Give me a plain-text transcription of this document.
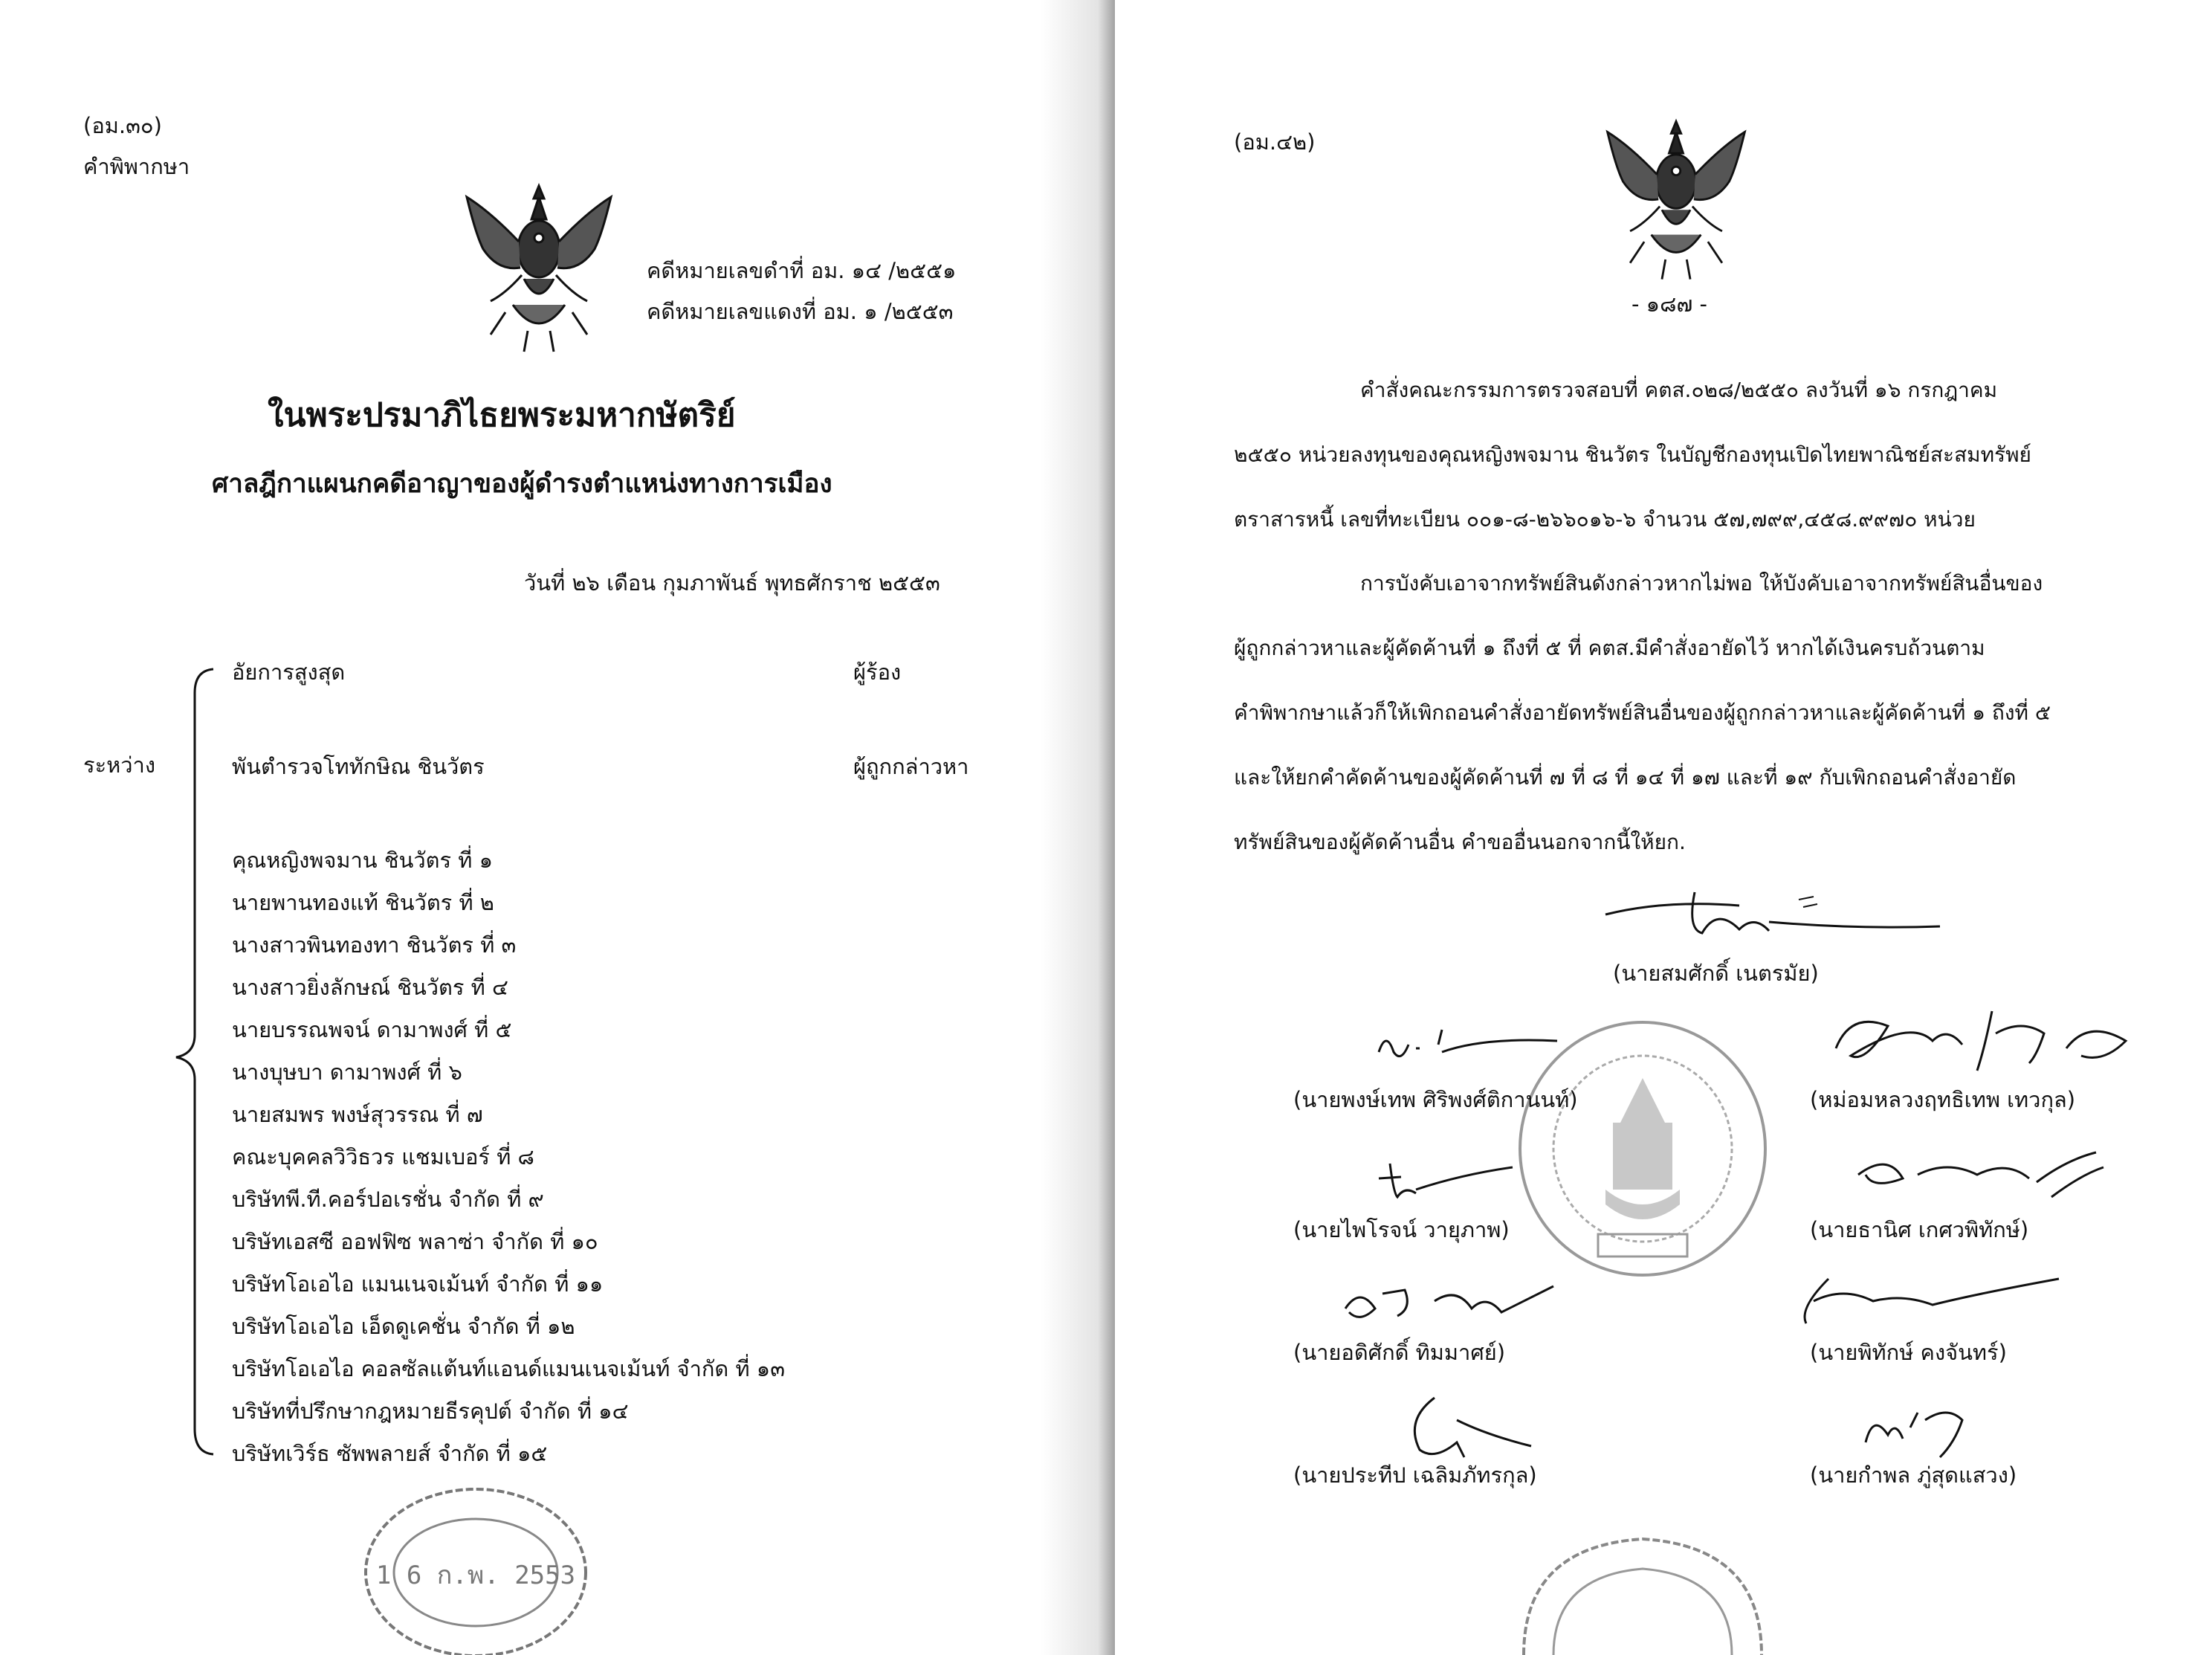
(อม.๓๐)
คำพิพากษา
คดีหมายเลขดำที่ อม. ๑๔ /๒๕๕๑
คดีหมายเลขแดงที่ อม. ๑ /๒๕๕๓
ในพระปรมาภิไธยพระมหากษัตริย์
ศาลฎีกาแผนกคดีอาญาของผู้ดำรงตำแหน่งทางการเมือง
วันที่ ๒๖ เดือน กุมภาพันธ์ พุทธศักราช ๒๕๕๓
ระหว่าง
อัยการสูงสุด	ผู้ร้อง
พันตำรวจโททักษิณ ชินวัตร	ผู้ถูกกล่าวหา
คุณหญิงพจมาน ชินวัตร ที่ ๑
นายพานทองแท้ ชินวัตร ที่ ๒
นางสาวพินทองทา ชินวัตร ที่ ๓
นางสาวยิ่งลักษณ์ ชินวัตร ที่ ๔
นายบรรณพจน์ ดามาพงศ์ ที่ ๕
นางบุษบา ดามาพงศ์ ที่ ๖
นายสมพร พงษ์สุวรรณ ที่ ๗
คณะบุคคลวิวิธวร แชมเบอร์ ที่ ๘
บริษัทพี.ที.คอร์ปอเรชั่น จำกัด ที่ ๙
บริษัทเอสซี ออฟฟิซ พลาซ่า จำกัด ที่ ๑๐
บริษัทโอเอไอ แมนเนจเม้นท์ จำกัด ที่ ๑๑
บริษัทโอเอไอ เอ็ดดูเคชั่น จำกัด ที่ ๑๒
บริษัทโอเอไอ คอลซัลแต้นท์แอนด์แมนเนจเม้นท์ จำกัด ที่ ๑๓
บริษัทที่ปรึกษากฎหมายธีรคุปต์ จำกัด ที่ ๑๔
บริษัทเวิร์ธ ซัพพลายส์ จำกัด ที่ ๑๕
1 6 ก.พ. 2553
(อม.๔๒)
- ๑๘๗ -
คำสั่งคณะกรรมการตรวจสอบที่ คตส.๐๒๘/๒๕๕๐ ลงวันที่ ๑๖ กรกฎาคม
๒๕๕๐ หน่วยลงทุนของคุณหญิงพจมาน ชินวัตร ในบัญชีกองทุนเปิดไทยพาณิชย์สะสมทรัพย์
ตราสารหนี้ เลขที่ทะเบียน ๐๐๑-๘-๒๖๖๐๑๖-๖ จำนวน ๕๗,๗๙๙,๔๕๘.๙๙๗๐ หน่วย
การบังคับเอาจากทรัพย์สินดังกล่าวหากไม่พอ ให้บังคับเอาจากทรัพย์สินอื่นของ
ผู้ถูกกล่าวหาและผู้คัดค้านที่ ๑ ถึงที่ ๕ ที่ คตส.มีคำสั่งอายัดไว้ หากได้เงินครบถ้วนตาม
คำพิพากษาแล้วก็ให้เพิกถอนคำสั่งอายัดทรัพย์สินอื่นของผู้ถูกกล่าวหาและผู้คัดค้านที่ ๑ ถึงที่ ๕
และให้ยกคำคัดค้านของผู้คัดค้านที่ ๗ ที่ ๘ ที่ ๑๔ ที่ ๑๗ และที่ ๑๙ กับเพิกถอนคำสั่งอายัด
ทรัพย์สินของผู้คัดค้านอื่น คำขออื่นนอกจากนี้ให้ยก.
(นายสมศักดิ์ เนตรมัย)
(นายพงษ์เทพ ศิริพงศ์ติกานนท์)	(หม่อมหลวงฤทธิเทพ เทวกุล)
(นายไพโรจน์ วายุภาพ)	(นายธานิศ เกศวพิทักษ์)
(นายอดิศักดิ์ ทิมมาศย์)	(นายพิทักษ์ คงจันทร์)
(นายประทีป เฉลิมภัทรกุล)	(นายกำพล ภู่สุดแสวง)
